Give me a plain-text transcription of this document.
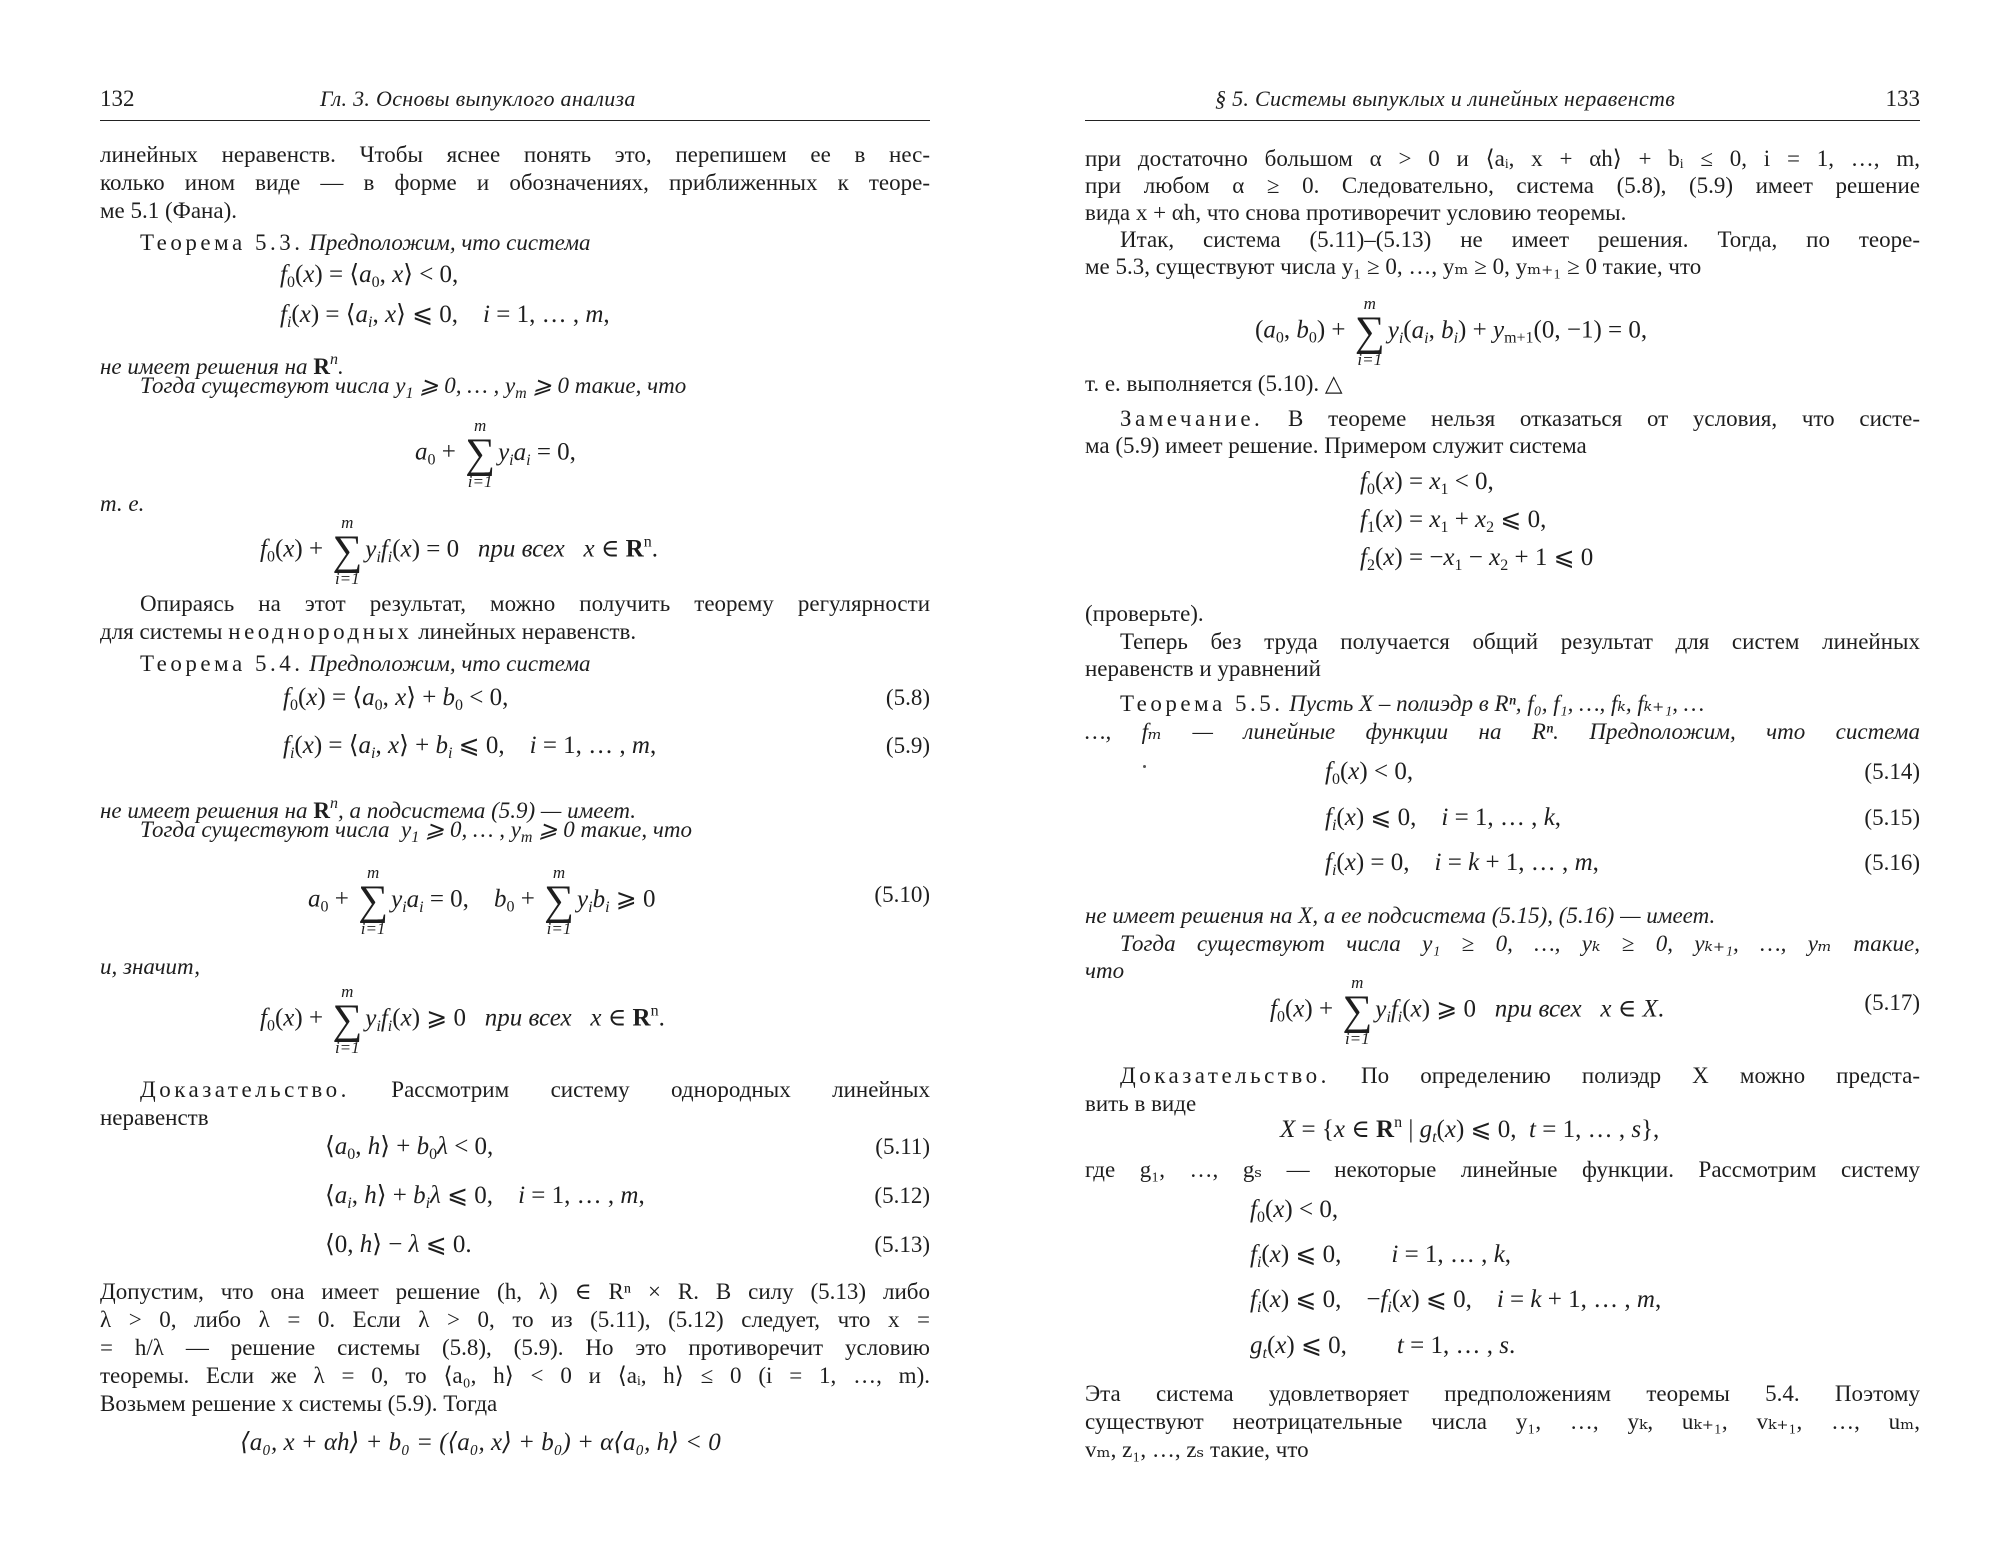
132	Гл. 3. Основы выпуклого анализа
линейных неравенств. Чтобы яснее понять это, перепишем ее в нес-
колько ином виде — в форме и обозначениях, приближенных к теоре-
ме 5.1 (Фана).
Теорема 5.3. Предположим, что система
$f_0(x)$ = $⟨a_0$, x⟩ < 0,
$f_i(x)$ = $⟨a_i$, x⟩ ⩽ 0,    i = 1, … , m,
не имеет решения на $R^n$.
Тогда существуют числа $y_1$ ⩾ 0, … , $y_m$ ⩾ 0 такие, что
$a_0$ +
m
∑
i=1
$y_ia_i = 0$,
т. е.
$f_0(x)$ +
m
∑
i=1
$y_if_i(x) = 0$   при всех x ∈ $R^n$.
Опираясь на этот результат, можно получить теорему регулярности
для системы неоднородных линейных неравенств.
Теорема 5.4. Предположим, что система
$f_0(x)$ = $⟨a_0$, x⟩ + $b_0 < 0$,	(5.8)
$f_i(x)$ = $⟨a_i$, x⟩ + $b_i$ ⩽ 0,    i = 1, … , m,	(5.9)
не имеет решения на $R^n$, а подсистема (5.9) — имеет.
Тогда существуют числа $y_1$ ⩾ 0, … , $y_m$ ⩾ 0 такие, что
$a_0$ +
m
∑
i=1
$y_ia_i = 0$,    $b_0$ +
m
∑
i=1
$y_ib_i$ ⩾ 0	(5.10)
и, значит,
$f_0(x)$ +
m
∑
i=1
$y_if_i(x)$ ⩾ 0   при всех x ∈ $R^n$.
Доказательство. Рассмотрим систему однородных линейных
неравенств
$⟨a_0$, h⟩ + $b_0\lambda < 0$,	(5.11)
$⟨a_i$, h⟩ + $b_i\lambda$ ⩽ 0,    i = 1, … , m,	(5.12)
⟨0, h⟩ − λ ⩽ 0.	(5.13)
Допустим, что она имеет решение (h, λ) ∈ Rⁿ × R. В силу (5.13) либо
λ > 0, либо λ = 0. Если λ > 0, то из (5.11), (5.12) следует, что x =
= h/λ — решение системы (5.8), (5.9). Но это противоречит условию
теоремы. Если же λ = 0, то ⟨a₀, h⟩ < 0 и ⟨aᵢ, h⟩ ≤ 0 (i = 1, …, m).
Возьмем решение x системы (5.9). Тогда
⟨a₀, x + αh⟩ + b₀ = (⟨a₀, x⟩ + b₀) + α⟨a₀, h⟩ < 0
§ 5. Системы выпуклых и линейных неравенств	133
при достаточно большом α > 0 и ⟨aᵢ, x + αh⟩ + bᵢ ≤ 0, i = 1, …, m,
при любом α ≥ 0. Следовательно, система (5.8), (5.9) имеет решение
вида x + αh, что снова противоречит условию теоремы.
Итак, система (5.11)–(5.13) не имеет решения. Тогда, по теоре-
ме 5.3, существуют числа y₁ ≥ 0, …, yₘ ≥ 0, yₘ₊₁ ≥ 0 такие, что
($a_0$, $b_0$) +
m
∑
i=1
$y_i(a_i$, $b_i) + y_{m+1}(0$, −1) = 0,
т. е. выполняется (5.10). △
Замечание. В теореме нельзя отказаться от условия, что систе-
ма (5.9) имеет решение. Примером служит система
$f_0(x) = x_1 < 0$,
$f_1(x) = x_1 + x_2$ ⩽ 0,
$f_2(x) = -x_1 - x_2 + 1$ ⩽ 0
(проверьте).
Теперь без труда получается общий результат для систем линейных
неравенств и уравнений
Теорема 5.5. Пусть X – полиэдр в Rⁿ, f₀, f₁, …, fₖ, fₖ₊₁, …
…, fₘ — линейные функции на Rⁿ. Предположим, что система
$f_0(x) < 0$,	(5.14)
$f_i(x)$ ⩽ 0,    i = 1, … , k,	(5.15)
$f_i(x) = 0$,    i = k + 1, … , m,	(5.16)
не имеет решения на X, а ее подсистема (5.15), (5.16) — имеет.
Тогда существуют числа y₁ ≥ 0, …, yₖ ≥ 0, yₖ₊₁, …, yₘ такие,
что
$f_0(x)$ +
m
∑
i=1
$y_if_i(x)$ ⩾ 0   при всех x ∈ X.	(5.17)
Доказательство. По определению полиэдр X можно предста-
вить в виде
X = {x ∈ $R^n$ | $g_t(x)$ ⩽ 0,  t = 1, … , s},
где g₁, …, gₛ — некоторые линейные функции. Рассмотрим систему
$f_0(x) < 0$,
$f_i(x)$ ⩽ 0,        i = 1, … , k,
$f_i(x)$ ⩽ 0,    $-f_i(x)$ ⩽ 0,    i = k + 1, … , m,
$g_t(x)$ ⩽ 0,        t = 1, … , s.
Эта система удовлетворяет предположениям теоремы 5.4. Поэтому
существуют неотрицательные числа y₁, …, yₖ, uₖ₊₁, vₖ₊₁, …, uₘ,
vₘ, z₁, …, zₛ такие, что
